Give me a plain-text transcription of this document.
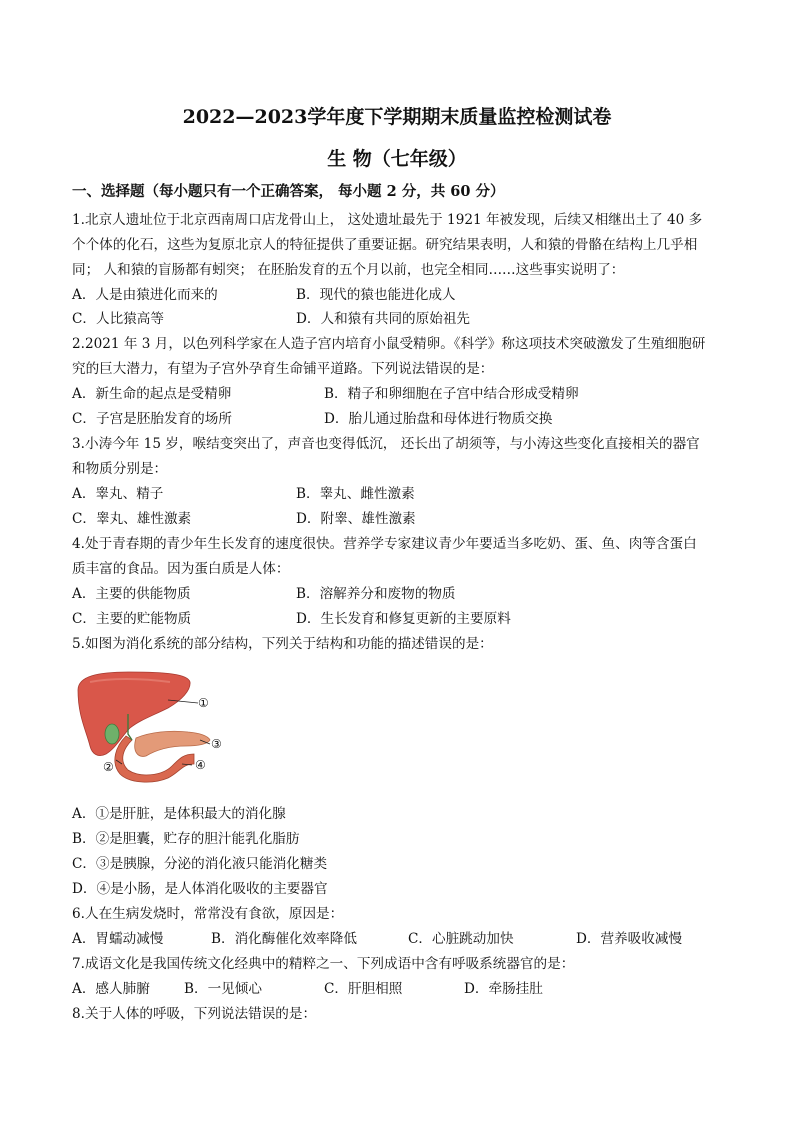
2022—2023学年度下学期期末质量监控检测试卷
生 物（七年级）
一、选择题（每小题只有一个正确答案， 每小题 2 分，共 60 分）
1.北京人遗址位于北京西南周口店龙骨山上， 这处遗址最先于 1921 年被发现，后续又相继出土了 40 多
个个体的化石，这些为复原北京人的特征提供了重要证据。研究结果表明，人和猿的骨骼在结构上几乎相
同； 人和猿的盲肠都有蚓突； 在胚胎发育的五个月以前，也完全相同……这些事实说明了：
A．人是由猿进化而来的	B．现代的猿也能进化成人
C．人比猿高等	D．人和猿有共同的原始祖先
2.2021 年 3 月，以色列科学家在人造子宫内培育小鼠受精卵。《科学》称这项技术突破激发了生殖细胞研
究的巨大潜力，有望为子宫外孕育生命铺平道路。下列说法错误的是：
A．新生命的起点是受精卵	B．精子和卵细胞在子宫中结合形成受精卵
C．子宫是胚胎发育的场所	D．胎儿通过胎盘和母体进行物质交换
3.小涛今年 15 岁，喉结变突出了，声音也变得低沉， 还长出了胡须等，与小涛这些变化直接相关的器官
和物质分别是：
A．睾丸、精子	B．睾丸、雌性激素
C．睾丸、雄性激素	D．附睾、雄性激素
4.处于青春期的青少年生长发育的速度很快。营养学专家建议青少年要适当多吃奶、蛋、鱼、肉等含蛋白
质丰富的食品。因为蛋白质是人体：
A．主要的供能物质	B．溶解养分和废物的物质
C．主要的贮能物质	D．生长发育和修复更新的主要原料
5.如图为消化系统的部分结构，下列关于结构和功能的描述错误的是：
①
③
②	④
A．①是肝脏，是体积最大的消化腺
B．②是胆囊，贮存的胆汁能乳化脂肪
C．③是胰腺，分泌的消化液只能消化糖类
D．④是小肠，是人体消化吸收的主要器官
6.人在生病发烧时，常常没有食欲，原因是：
A．胃蠕动减慢	B．消化酶催化效率降低	C．心脏跳动加快	D．营养吸收减慢
7.成语文化是我国传统文化经典中的精粹之一、下列成语中含有呼吸系统器官的是：
A．感人肺腑	B．一见倾心	C．肝胆相照	D．牵肠挂肚
8.关于人体的呼吸，下列说法错误的是：
